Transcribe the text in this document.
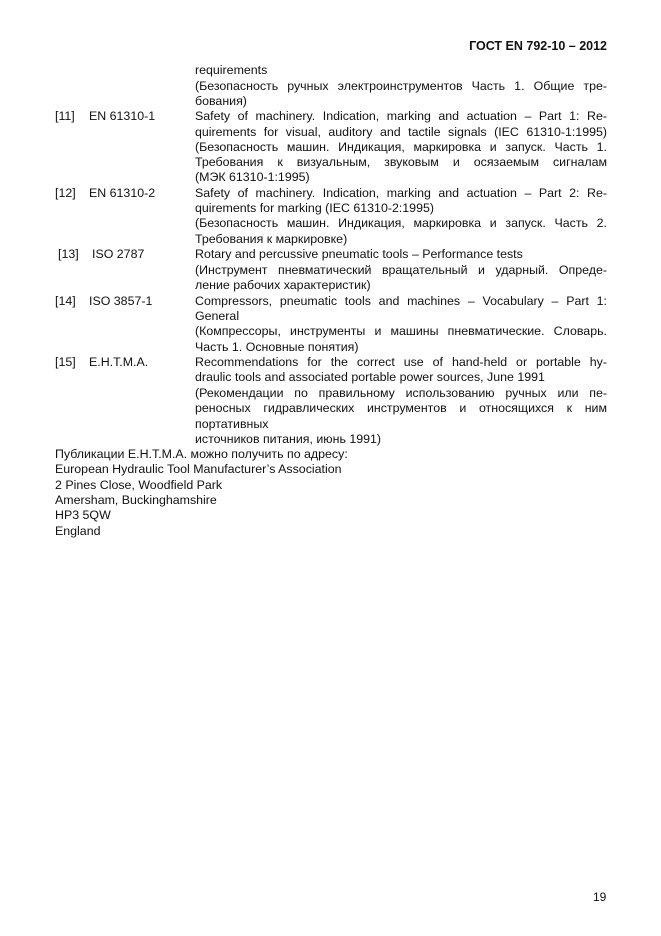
ГОСТ EN 792-10 – 2012
requirements
(Безопасность ручных электроинструментов Часть 1. Общие тре-
бования)
[11] EN 61310-1	Safety of machinery. Indication, marking and actuation – Part 1: Re-
quirements for visual, auditory and tactile signals (IEC 61310-1:1995)
(Безопасность машин. Индикация, маркировка и запуск. Часть 1.
Требования к визуальным, звуковым и осязаемым сигналам
(МЭК 61310-1:1995)
[12] EN 61310-2	Safety of machinery. Indication, marking and actuation – Part 2: Re-
quirements for marking (IEC 61310-2:1995)
(Безопасность машин. Индикация, маркировка и запуск. Часть 2.
Требования к маркировке)
[13] ISO 2787	Rotary and percussive pneumatic tools – Performance tests
(Инструмент пневматический вращательный и ударный. Опреде-
ление рабочих характеристик)
[14] ISO 3857-1	Compressors, pneumatic tools and machines – Vocabulary – Part 1:
General
(Компрессоры, инструменты и машины пневматические. Словарь.
Часть 1. Основные понятия)
[15] E.H.T.M.A.	Recommendations for the correct use of hand-held or portable hy-
draulic tools and associated portable power sources, June 1991
(Рекомендации по правильному использованию ручных или пе-
реносных гидравлических инструментов и относящихся к ним
портативных
источников питания, июнь 1991)
Публикации E.H.T.M.A. можно получить по адресу:
European Hydraulic Tool Manufacturer’s Association
2 Pines Close, Woodfield Park
Amersham, Buckinghamshire
HP3 5QW
England
19
